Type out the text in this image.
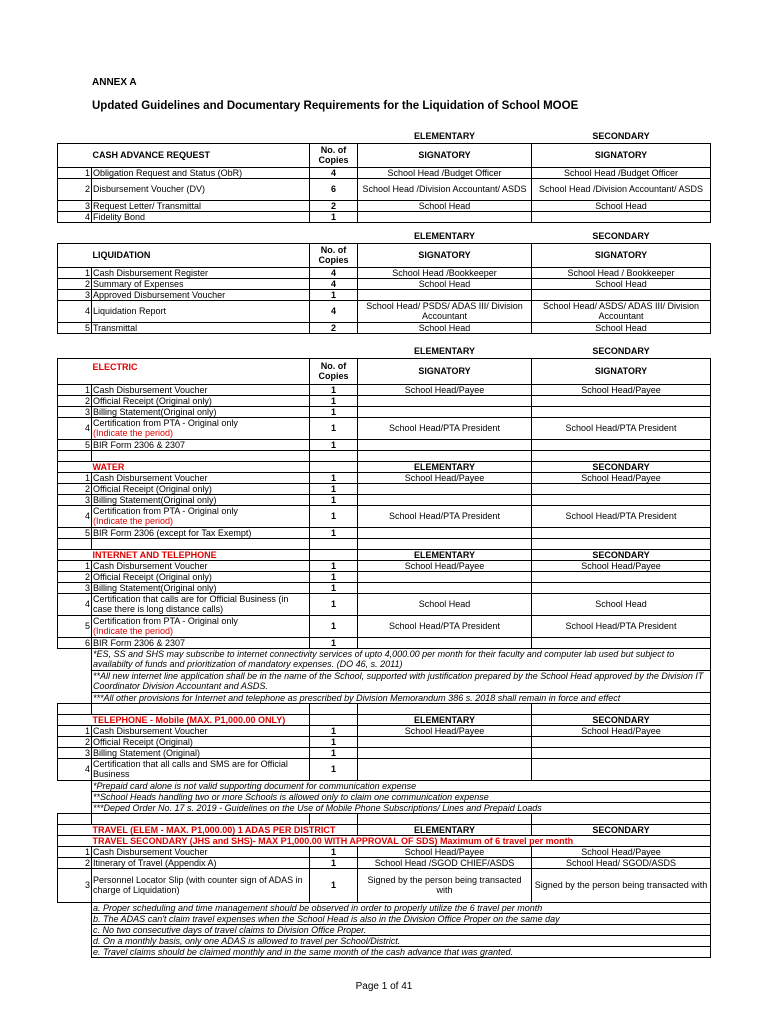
ANNEX A
Updated Guidelines and Documentary Requirements for the Liquidation of School MOOE
			ELEMENTARY	SECONDARY
	CASH ADVANCE REQUEST	No. of Copies	SIGNATORY	SIGNATORY
1	Obligation Request and Status (ObR)	4	School Head /Budget Officer	School Head /Budget Officer
2	Disbursement Voucher (DV)	6	School Head /Division Accountant/ ASDS	School Head /Division Accountant/ ASDS
3	Request Letter/ Transmittal	2	School Head	School Head
4	Fidelity Bond	1		
			ELEMENTARY	SECONDARY
	LIQUIDATION	No. of Copies	SIGNATORY	SIGNATORY
1	Cash Disbursement Register	4	School Head /Bookkeeper	School Head / Bookkeeper
2	Summary of Expenses	4	School Head	School Head
3	Approved Disbursement Voucher	1		
4	Liquidation Report	4	School Head/ PSDS/ ADAS III/ Division Accountant	School Head/ ASDS/ ADAS III/ Division Accountant
5	Transmittal	2	School Head	School Head
			ELEMENTARY	SECONDARY
	ELECTRIC	No. of Copies	SIGNATORY	SIGNATORY
1	Cash Disbursement Voucher	1	School Head/Payee	School Head/Payee
2	Official Receipt (Original only)	1		
3	Billing Statement(Original only)	1		
4	Certification from PTA - Original only
(Indicate the period)	1	School Head/PTA President	School Head/PTA President
5	BIR Form 2306 & 2307	1		

	WATER		ELEMENTARY	SECONDARY
1	Cash Disbursement Voucher	1	School Head/Payee	School Head/Payee
2	Official Receipt (Original only)	1		
3	Billing Statement(Original only)	1		
4	Certification from PTA - Original only
(Indicate the period)	1	School Head/PTA President	School Head/PTA President
5	BIR Form 2306 (except for Tax Exempt)	1		

	INTERNET AND TELEPHONE		ELEMENTARY	SECONDARY
1	Cash Disbursement Voucher	1	School Head/Payee	School Head/Payee
2	Official Receipt (Original only)	1		
3	Billing Statement(Original only)	1		
4	Certification that calls are for Official Business (in case there is long distance calls)	1	School Head	School Head
5	Certification from PTA - Original only
(Indicate the period)	1	School Head/PTA President	School Head/PTA President
6	BIR Form 2306 & 2307	1		
	*ES, SS and SHS may subscribe to internet connectivity services of upto 4,000.00 per month for their faculty and computer lab used but subject to availabilty of funds and prioritization of mandatory expenses. (DO 46, s. 2011)			
	**All new internet line application shall be in the name of the School, supported with justification prepared by the School Head approved by the Division IT Coordinator Division Accountant and ASDS.			
	***All other provisions for Internet and telephone as prescribed by Division Memorandum 386 s. 2018 shall remain in force and effect			

	TELEPHONE - Mobile (MAX. P1,000.00 ONLY)		ELEMENTARY	SECONDARY
1	Cash Disbursement Voucher	1	School Head/Payee	School Head/Payee
2	Official Receipt (Original)	1		
3	Billing Statement (Original)	1		
4	Certification that all calls and SMS are for Official Business	1		
	*Prepaid card alone is not valid supporting document for communication expense			
	**School Heads handling two or more Schools is allowed only to claim one communication expense			
	***Deped Order No. 17 s. 2019 - Guidelines on the Use of Mobile Phone Subscriptions/ Lines and Prepaid Loads			

	TRAVEL (ELEM - MAX. P1,000.00) 1 ADAS PER DISTRICT		ELEMENTARY	SECONDARY
	TRAVEL SECONDARY (JHS and SHS)- MAX P1,000.00 WITH APPROVAL OF SDS) Maximum of 6 travel per month			
1	Cash Disbursement Voucher	1	School Head/Payee	School Head/Payee
2	Itinerary of Travel (Appendix A)	1	School Head /SGOD CHIEF/ASDS	School Head/ SGOD/ASDS
3	Personnel Locator Slip (with counter sign of ADAS in charge of Liquidation)	1	Signed by the person being transacted with	Signed by the person being transacted with
	a. Proper scheduling and time management should be observed in order to properly utilize the 6 travel per month			
	b. The ADAS can't claim travel expenses when the School Head is also in the Division Office Proper on the same day			
	c. No two consecutive days of travel claims to Division Office Proper.			
	d. On a monthly basis, only one ADAS is allowed to travel per School/District.			
	e. Travel claims should be claimed monthly and in the same month of the cash advance that was granted.			
Page 1 of 41
